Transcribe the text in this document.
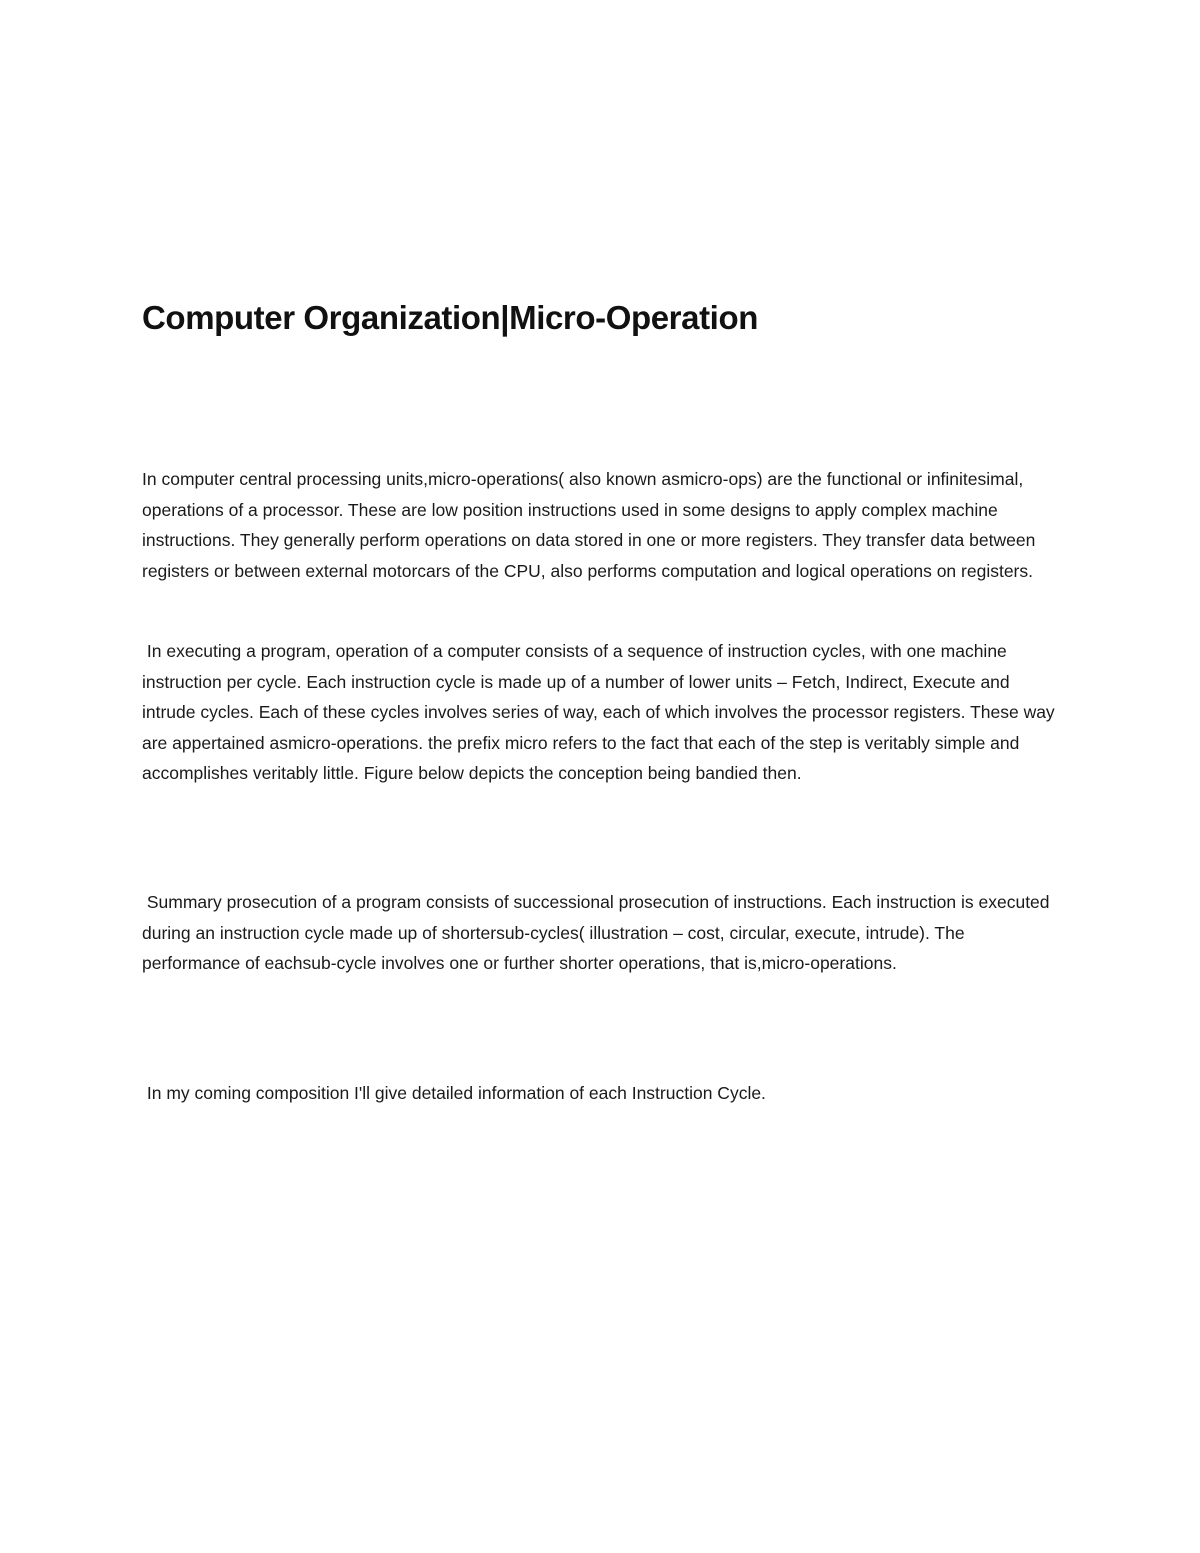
Computer Organization|Micro-Operation

In computer central processing units,micro-operations( also known asmicro-ops) are the functional or infinitesimal, operations of a processor. These are low position instructions used in some designs to apply complex machine instructions. They generally perform operations on data stored in one or more registers. They transfer data between registers or between external motorcars of the CPU, also performs computation and logical operations on registers.

In executing a program, operation of a computer consists of a sequence of instruction cycles, with one machine instruction per cycle. Each instruction cycle is made up of a number of lower units – Fetch, Indirect, Execute and intrude cycles. Each of these cycles involves series of way, each of which involves the processor registers. These way are appertained asmicro-operations. the prefix micro refers to the fact that each of the step is veritably simple and accomplishes veritably little. Figure below depicts the conception being bandied then.

Summary prosecution of a program consists of successional prosecution of instructions. Each instruction is executed during an instruction cycle made up of shortersub-cycles( illustration – cost, circular, execute, intrude). The performance of eachsub-cycle involves one or further shorter operations, that is,micro-operations.

In my coming composition I'll give detailed information of each Instruction Cycle.
